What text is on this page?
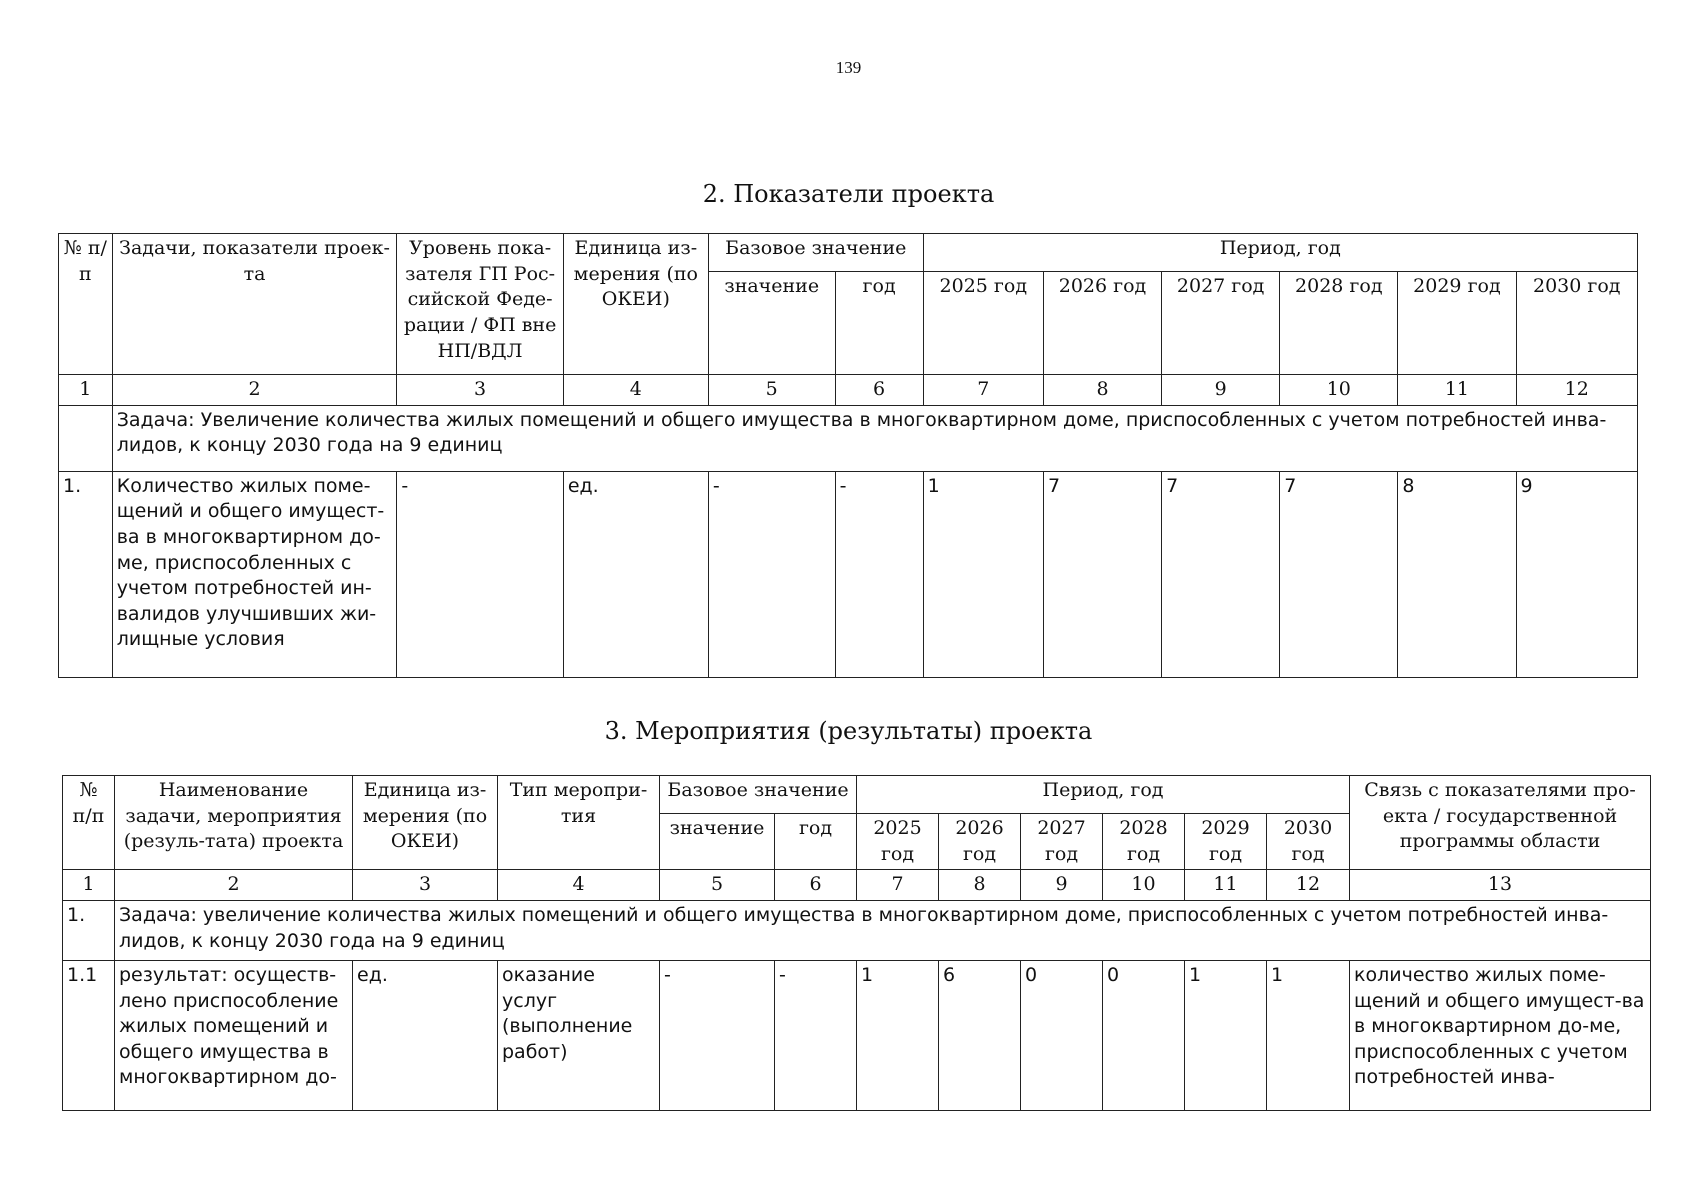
139
2. Показатели проекта
№ п/п	Задачи, показатели проек-та	Уровень пока-зателя ГП Рос-сийской Феде-рации / ФП вне НП/ВДЛ	Единица из-мерения (по ОКЕИ)	Базовое значение		Период, год					
				значение	год	2025 год	2026 год	2027 год	2028 год	2029 год	2030 год
1	2	3	4	5	6	7	8	9	10	11	12
	Задача: Увеличение количества жилых помещений и общего имущества в многоквартирном доме, приспособленных с учетом потребностей инва-лидов, к концу 2030 года на 9 единиц										
1.	Количество жилых поме-щений и общего имущест-ва в многоквартирном до-ме, приспособленных с учетом потребностей ин-валидов улучшивших жи-лищные условия	-	ед.	-	-	1	7	7	7	8	9
3. Мероприятия (результаты) проекта
№ п/п	Наименование задачи, мероприятия (резуль-тата) проекта	Единица из-мерения (по ОКЕИ)	Тип меропри-тия	Базовое значение		Период, год						Связь с показателями про-екта / государственной программы области
				значение	год	2025 год	2026 год	2027 год	2028 год	2029 год	2030 год	
1	2	3	4	5	6	7	8	9	10	11	12	13
1.	Задача: увеличение количества жилых помещений и общего имущества в многоквартирном доме, приспособленных с учетом потребностей инва-лидов, к концу 2030 года на 9 единиц											
1.1	результат: осуществ-лено приспособление жилых помещений и общего имущества в многоквартирном до-	ед.	оказание услуг (выполнение работ)	-	-	1	6	0	0	1	1	количество жилых поме-щений и общего имущест-ва в многоквартирном до-ме, приспособленных с учетом потребностей инва-
